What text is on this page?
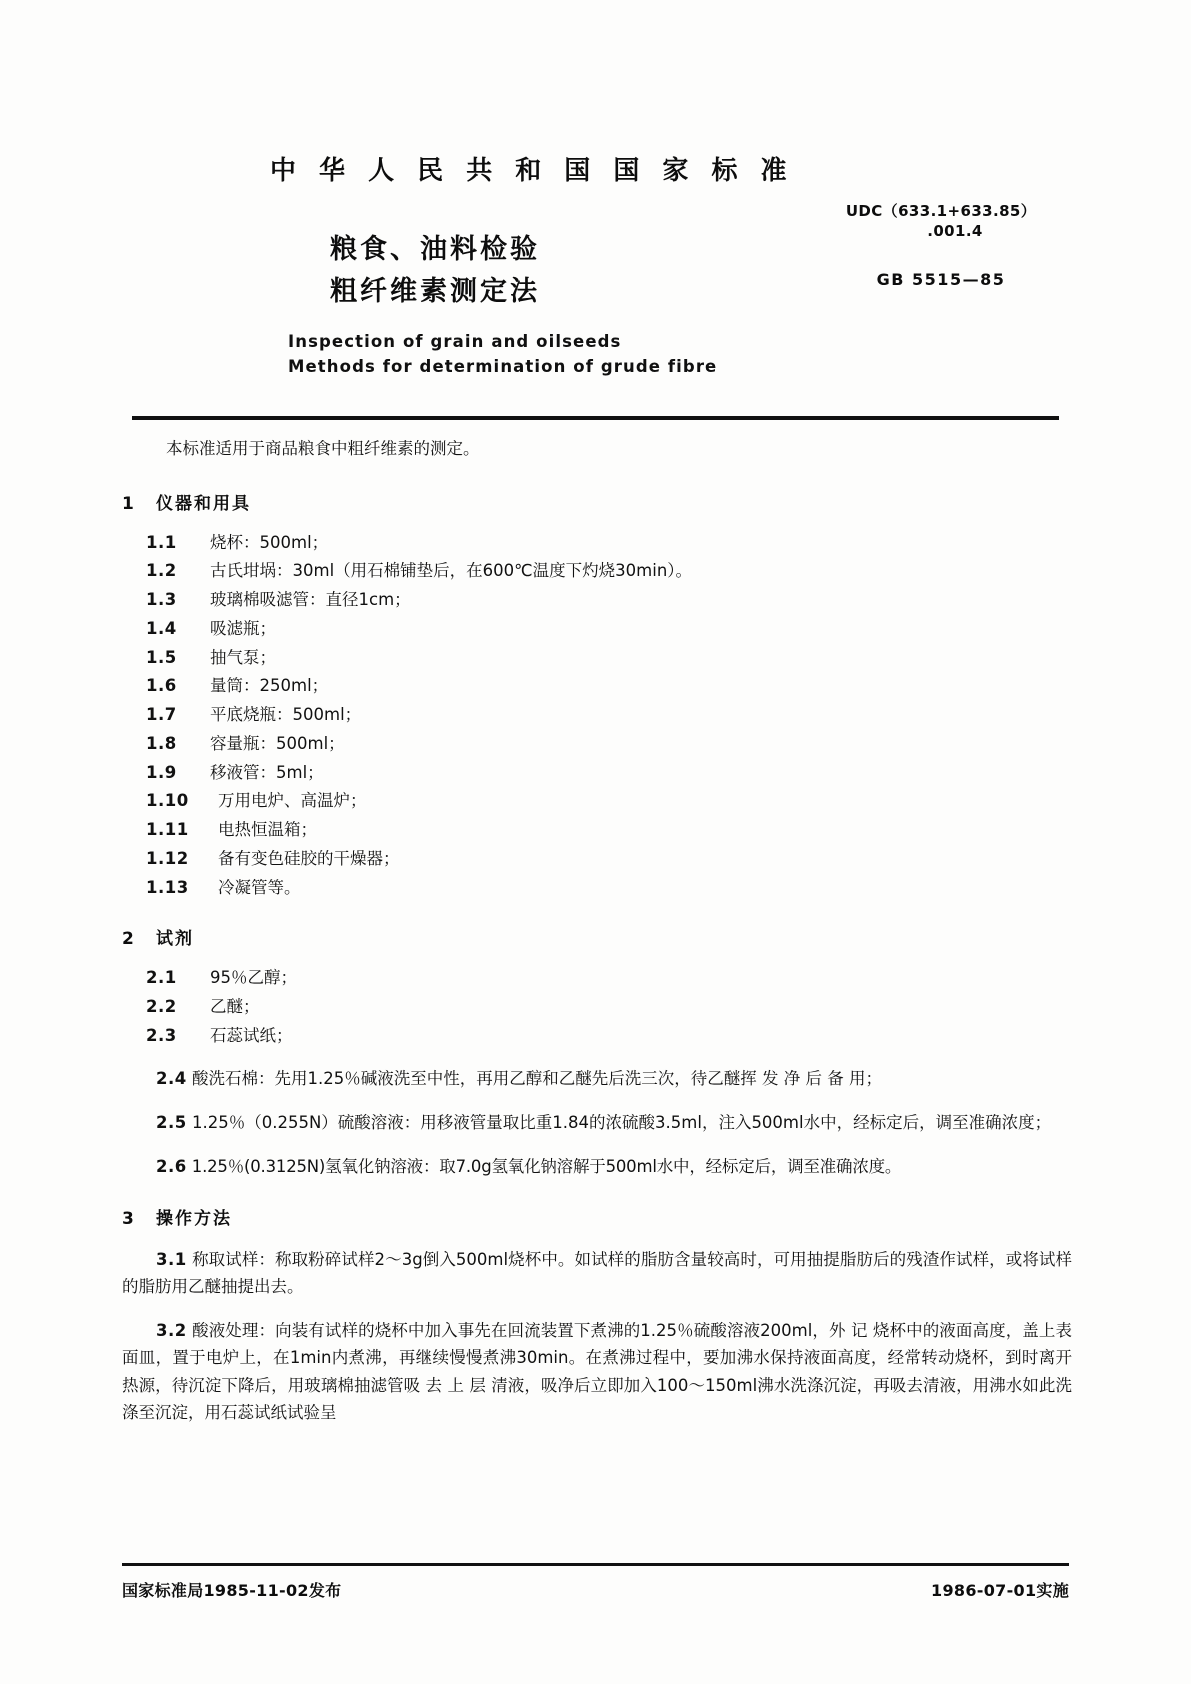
中 华 人 民 共 和 国 国 家 标 准
粮食、油料检验
粗纤维素测定法
Inspection of grain and oilseeds
Methods for determination of grude fibre
UDC（633.1+633.85）
.001.4
GB 5515—85

本标准适用于商品粮食中粗纤维素的测定。

1 仪器和用具
1.1	烧杯：500ml；
1.2	古氏坩埚：30ml（用石棉铺垫后，在600℃温度下灼烧30min）。
1.3	玻璃棉吸滤管：直径1cm；
1.4	吸滤瓶；
1.5	抽气泵；
1.6	量筒：250ml；
1.7	平底烧瓶：500ml；
1.8	容量瓶：500ml；
1.9	移液管：5ml；
1.10	万用电炉、高温炉；
1.11	电热恒温箱；
1.12	备有变色硅胶的干燥器；
1.13	冷凝管等。
2 试剂
2.1	95％乙醇；
2.2	乙醚；
2.3	石蕊试纸；

2.4 酸洗石棉：先用1.25％碱液洗至中性，再用乙醇和乙醚先后洗三次，待乙醚挥 发 净 后 备 用；

2.5 1.25％（0.255N）硫酸溶液：用移液管量取比重1.84的浓硫酸3.5ml，注入500ml水中，经标定后，调至准确浓度；

2.6 1.25％(0.3125N)氢氧化钠溶液：取7.0g氢氧化钠溶解于500ml水中，经标定后，调至准确浓度。

3 操作方法

3.1 称取试样：称取粉碎试样2～3g倒入500ml烧杯中。如试样的脂肪含量较高时，可用抽提脂肪后的残渣作试样，或将试样的脂肪用乙醚抽提出去。

3.2 酸液处理：向装有试样的烧杯中加入事先在回流装置下煮沸的1.25％硫酸溶液200ml，外 记 烧杯中的液面高度，盖上表面皿，置于电炉上，在1min内煮沸，再继续慢慢煮沸30min。在煮沸过程中，要加沸水保持液面高度，经常转动烧杯，到时离开热源，待沉淀下降后，用玻璃棉抽滤管吸 去 上 层 清液，吸净后立即加入100～150ml沸水洗涤沉淀，再吸去清液，用沸水如此洗涤至沉淀，用石蕊试纸试验呈

国家标准局1985-11-02发布	1986-07-01实施
